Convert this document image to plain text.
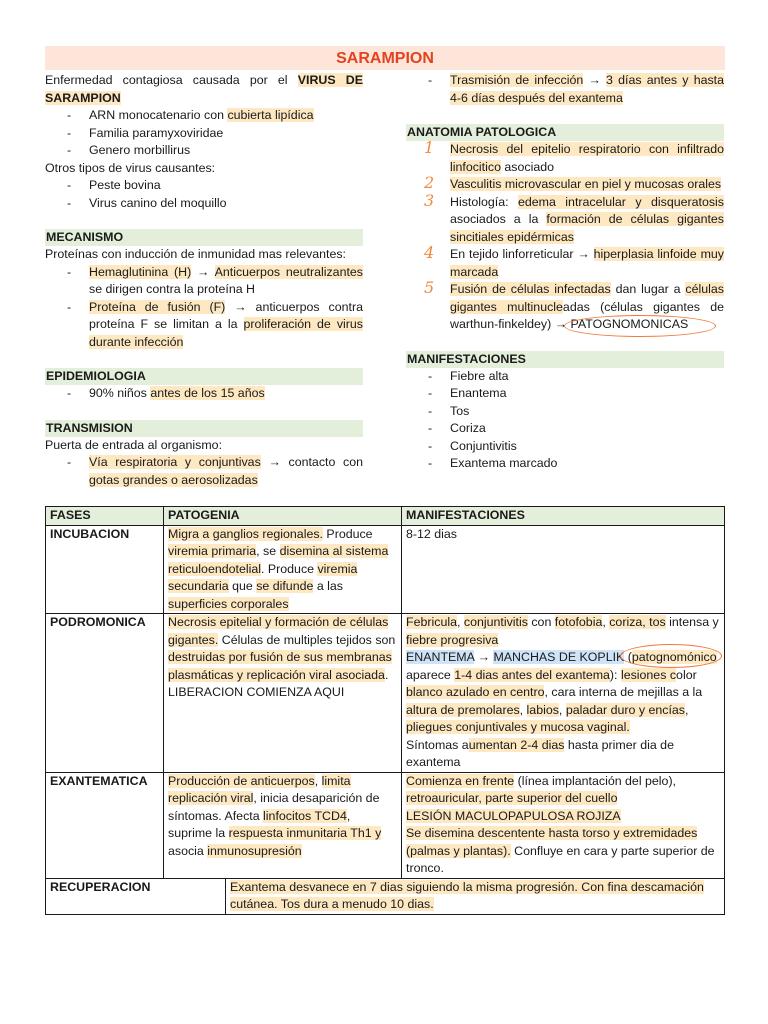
SARAMPION

Enfermedad contagiosa causada por el VIRUS DE SARAMPION

- ARN monocatenario con cubierta lipídica
- Familia paramyxoviridae
- Genero morbillirus

Otros tipos de virus causantes:

- Peste bovina
- Virus canino del moquillo
MECANISMO

Proteínas con inducción de inmunidad mas relevantes:

- Hemaglutinina (H) → Anticuerpos neutralizantes se dirigen contra la proteína H
- Proteína de fusión (F) → anticuerpos contra proteína F se limitan a la proliferación de virus durante infección
EPIDEMIOLOGIA
- 90% niños antes de los 15 años
TRANSMISION

Puerta de entrada al organismo:

- Vía respiratoria y conjuntivas → contacto con gotas grandes o aerosolizadas
- Trasmisión de infección → 3 días antes y hasta 4-6 días después del exantema
ANATOMIA PATOLOGICA
1 Necrosis del epitelio respiratorio con infiltrado linfocitico asociado
2 Vasculitis microvascular en piel y mucosas orales
3 Histología: edema intracelular y disqueratosis asociados a la formación de células gigantes sincitiales epidérmicas
4 En tejido linforreticular → hiperplasia linfoide muy marcada
5 Fusión de células infectadas dan lugar a células gigantes multinucleadas (células gigantes de warthun-finkeldey) → PATOGNOMONICAS
MANIFESTACIONES
- Fiebre alta
- Enantema
- Tos
- Coriza
- Conjuntivitis
- Exantema marcado
FASES	PATOGENIA		MANIFESTACIONES
INCUBACION	Migra a ganglios regionales. Produce viremia primaria, se disemina al sistema reticuloendotelial. Produce viremia secundaria que se difunde a las superficies corporales		8-12 dias
PODROMONICA	Necrosis epitelial y formación de células gigantes. Células de multiples tejidos son destruidas por fusión de sus membranas plasmáticas y replicación viral asociada. LIBERACION COMIENZA AQUI		Febricula, conjuntivitis con fotofobia, coriza, tos intensa y fiebre progresiva
ENANTEMA → MANCHAS DE KOPLIK (patognomónico aparece 1-4 dias antes del exantema): lesiones color blanco azulado en centro, cara interna de mejillas a la altura de premolares, labios, paladar duro y encías, pliegues conjuntivales y mucosa vaginal.
Síntomas aumentan 2-4 dias hasta primer dia de exantema
EXANTEMATICA	Producción de anticuerpos, limita replicación viral, inicia desaparición de síntomas. Afecta linfocitos TCD4, suprime la respuesta inmunitaria Th1 y asocia inmunosupresión		Comienza en frente (línea implantación del pelo), retroauricular, parte superior del cuello
LESIÓN MACULOPAPULOSA ROJIZA
Se disemina descentente hasta torso y extremidades (palmas y plantas). Confluye en cara y parte superior de tronco.
RECUPERACION		Exantema desvanece en 7 dias siguiendo la misma progresión. Con fina descamación cutánea. Tos dura a menudo 10 dias.	
